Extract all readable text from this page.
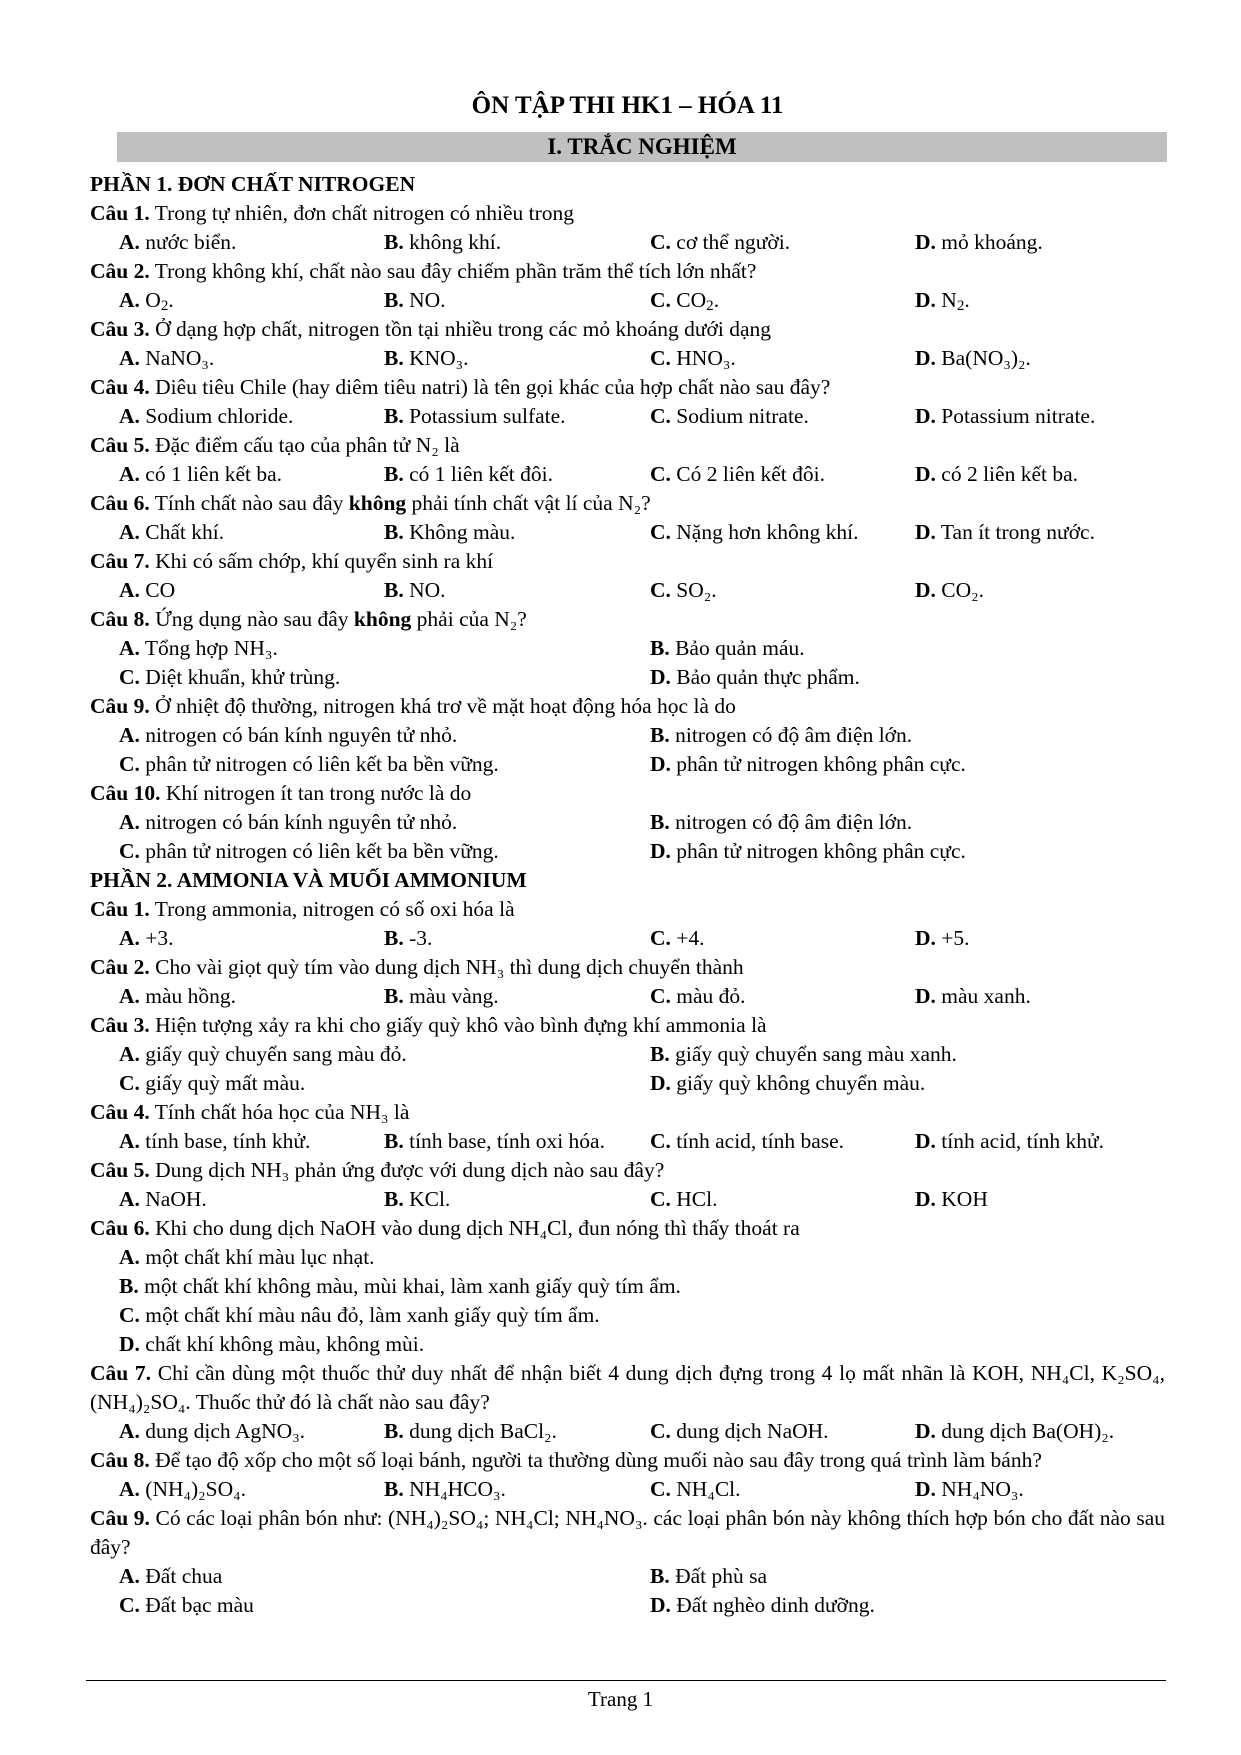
ÔN TẬP THI HK1 – HÓA 11
I. TRẮC NGHIỆM
PHẦN 1. ĐƠN CHẤT NITROGEN
Câu 1. Trong tự nhiên, đơn chất nitrogen có nhiều trong
A. nước biển.	B. không khí.	C. cơ thể người.	D. mỏ khoáng.
Câu 2. Trong không khí, chất nào sau đây chiếm phần trăm thể tích lớn nhất?
A. $O_2$.	B. NO.	C. $CO_2$.	D. $N_2$.
Câu 3. Ở dạng hợp chất, nitrogen tồn tại nhiều trong các mỏ khoáng dưới dạng
A. NaNO₃.	B. KNO₃.	C. HNO₃.	D. Ba(NO₃)₂.
Câu 4. Diêu tiêu Chile (hay diêm tiêu natri) là tên gọi khác của hợp chất nào sau đây?
A. Sodium chloride.	B. Potassium sulfate.	C. Sodium nitrate.	D. Potassium nitrate.
Câu 5. Đặc điểm cấu tạo của phân tử N₂ là
A. có 1 liên kết ba.	B. có 1 liên kết đôi.	C. Có 2 liên kết đôi.	D. có 2 liên kết ba.
Câu 6. Tính chất nào sau đây không phải tính chất vật lí của N₂?
A. Chất khí.	B. Không màu.	C. Nặng hơn không khí.	D. Tan ít trong nước.
Câu 7. Khi có sấm chớp, khí quyển sinh ra khí
A. CO	B. NO.	C. SO₂.	D. CO₂.
Câu 8. Ứng dụng nào sau đây không phải của N₂?
A. Tổng hợp NH₃.	B. Bảo quản máu.
C. Diệt khuẩn, khử trùng.	D. Bảo quản thực phẩm.
Câu 9. Ở nhiệt độ thường, nitrogen khá trơ về mặt hoạt động hóa học là do
A. nitrogen có bán kính nguyên tử nhỏ.	B. nitrogen có độ âm điện lớn.
C. phân tử nitrogen có liên kết ba bền vững.	D. phân tử nitrogen không phân cực.
Câu 10. Khí nitrogen ít tan trong nước là do
A. nitrogen có bán kính nguyên tử nhỏ.	B. nitrogen có độ âm điện lớn.
C. phân tử nitrogen có liên kết ba bền vững.	D. phân tử nitrogen không phân cực.
PHẦN 2. AMMONIA VÀ MUỐI AMMONIUM
Câu 1. Trong ammonia, nitrogen có số oxi hóa là
A. +3.	B. -3.	C. +4.	D. +5.
Câu 2. Cho vài giọt quỳ tím vào dung dịch NH₃ thì dung dịch chuyển thành
A. màu hồng.	B. màu vàng.	C. màu đỏ.	D. màu xanh.
Câu 3. Hiện tượng xảy ra khi cho giấy quỳ khô vào bình đựng khí ammonia là
A. giấy quỳ chuyển sang màu đỏ.	B. giấy quỳ chuyển sang màu xanh.
C. giấy quỳ mất màu.	D. giấy quỳ không chuyển màu.
Câu 4. Tính chất hóa học của NH₃ là
A. tính base, tính khử.	B. tính base, tính oxi hóa. C. tính acid, tính base.	D. tính acid, tính khử.
Câu 5. Dung dịch NH₃ phản ứng được với dung dịch nào sau đây?
A. NaOH.	B. KCl.	C. HCl.	D. KOH
Câu 6. Khi cho dung dịch NaOH vào dung dịch NH₄Cl, đun nóng thì thấy thoát ra
A. một chất khí màu lục nhạt.
B. một chất khí không màu, mùi khai, làm xanh giấy quỳ tím ẩm.
C. một chất khí màu nâu đỏ, làm xanh giấy quỳ tím ẩm.
D. chất khí không màu, không mùi.
Câu 7. Chỉ cần dùng một thuốc thử duy nhất để nhận biết 4 dung dịch đựng trong 4 lọ mất nhãn là KOH, NH₄Cl, K₂SO₄, (NH₄)₂SO₄. Thuốc thử đó là chất nào sau đây?
A. dung dịch AgNO₃.	B. dung dịch BaCl₂.	C. dung dịch NaOH.	D. dung dịch Ba(OH)₂.
Câu 8. Để tạo độ xốp cho một số loại bánh, người ta thường dùng muối nào sau đây trong quá trình làm bánh?
A. (NH₄)₂SO₄.	B. NH₄HCO₃.	C. NH₄Cl.	D. NH₄NO₃.
Câu 9. Có các loại phân bón như: (NH₄)₂SO₄; NH₄Cl; NH₄NO₃. các loại phân bón này không thích hợp bón cho đất nào sau đây?
A. Đất chua	B. Đất phù sa
C. Đất bạc màu	D. Đất nghèo dinh dưỡng.
Trang 1
